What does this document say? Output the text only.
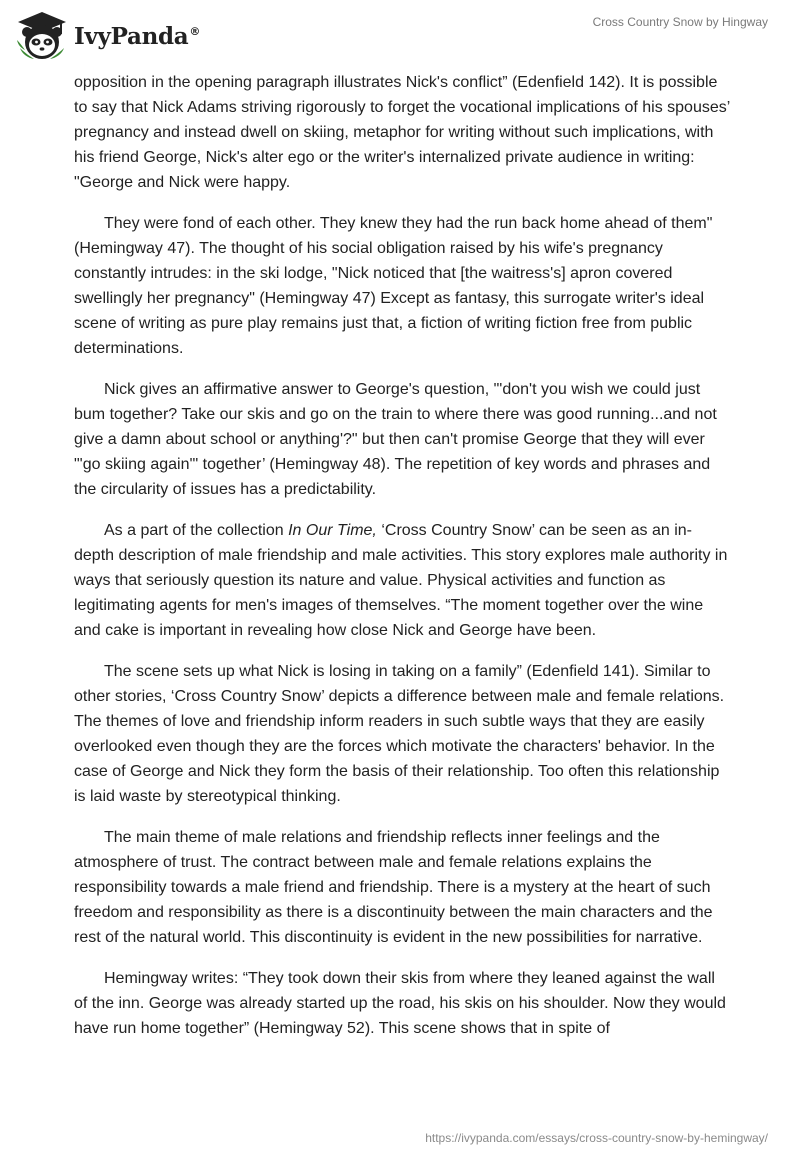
IvyPanda®
Cross Country Snow by Hingway

opposition in the opening paragraph illustrates Nick's conflict” (Edenfield 142). It is possible to say that Nick Adams striving rigorously to forget the vocational implications of his spouses’ pregnancy and instead dwell on skiing, metaphor for writing without such implications, with his friend George, Nick's alter ego or the writer's internalized private audience in writing: "George and Nick were happy.

They were fond of each other. They knew they had the run back home ahead of them" (Hemingway 47). The thought of his social obligation raised by his wife's pregnancy constantly intrudes: in the ski lodge, "Nick noticed that [the waitress's] apron covered swellingly her pregnancy" (Hemingway 47) Except as fantasy, this surrogate writer's ideal scene of writing as pure play remains just that, a fiction of writing fiction free from public determinations.

Nick gives an affirmative answer to George's question, "'don't you wish we could just bum together? Take our skis and go on the train to where there was good running...and not give a damn about school or anything'?" but then can't promise George that they will ever "'go skiing again'" together’ (Hemingway 48). The repetition of key words and phrases and the circularity of issues has a predictability.

As a part of the collection In Our Time, ‘Cross Country Snow’ can be seen as an in-depth description of male friendship and male activities. This story explores male authority in ways that seriously question its nature and value. Physical activities and function as legitimating agents for men's images of themselves. “The moment together over the wine and cake is important in revealing how close Nick and George have been.

The scene sets up what Nick is losing in taking on a family” (Edenfield 141). Similar to other stories, ‘Cross Country Snow’ depicts a difference between male and female relations. The themes of love and friendship inform readers in such subtle ways that they are easily overlooked even though they are the forces which motivate the characters' behavior. In the case of George and Nick they form the basis of their relationship. Too often this relationship is laid waste by stereotypical thinking.

The main theme of male relations and friendship reflects inner feelings and the atmosphere of trust. The contract between male and female relations explains the responsibility towards a male friend and friendship. There is a mystery at the heart of such freedom and responsibility as there is a discontinuity between the main characters and the rest of the natural world. This discontinuity is evident in the new possibilities for narrative.

Hemingway writes: “They took down their skis from where they leaned against the wall of the inn. George was already started up the road, his skis on his shoulder. Now they would have run home together” (Hemingway 52). This scene shows that in spite of

https://ivypanda.com/essays/cross-country-snow-by-hemingway/
